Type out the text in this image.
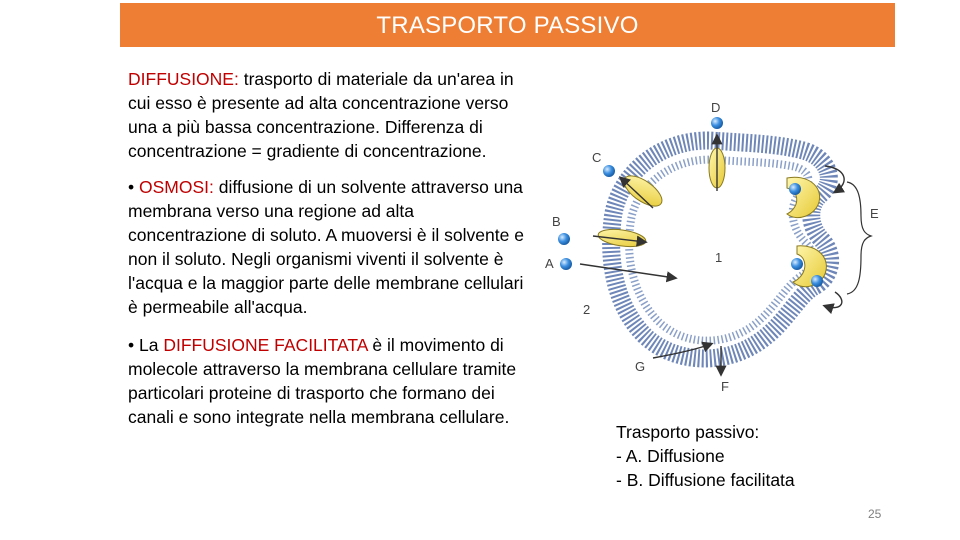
TRASPORTO PASSIVO

DIFFUSIONE: trasporto di materiale da un'area in cui esso è presente ad alta concentrazione verso una a più bassa concentrazione. Differenza di concentrazione = gradiente di concentrazione.

• OSMOSI: diffusione di un solvente attraverso una membrana verso una regione ad alta concentrazione di soluto. A muoversi è il solvente e non il soluto. Negli organismi viventi il solvente è l'acqua e la maggior parte delle membrane cellulari è permeabile all'acqua.

• La DIFFUSIONE FACILITATA è il movimento di molecole attraverso la membrana cellulare tramite particolari proteine di trasporto che formano dei canali e sono integrate nella membrana cellulare.

D
C
B
A
E
1
2
G
F
Trasporto passivo:
- A. Diffusione
- B. Diffusione facilitata
25
